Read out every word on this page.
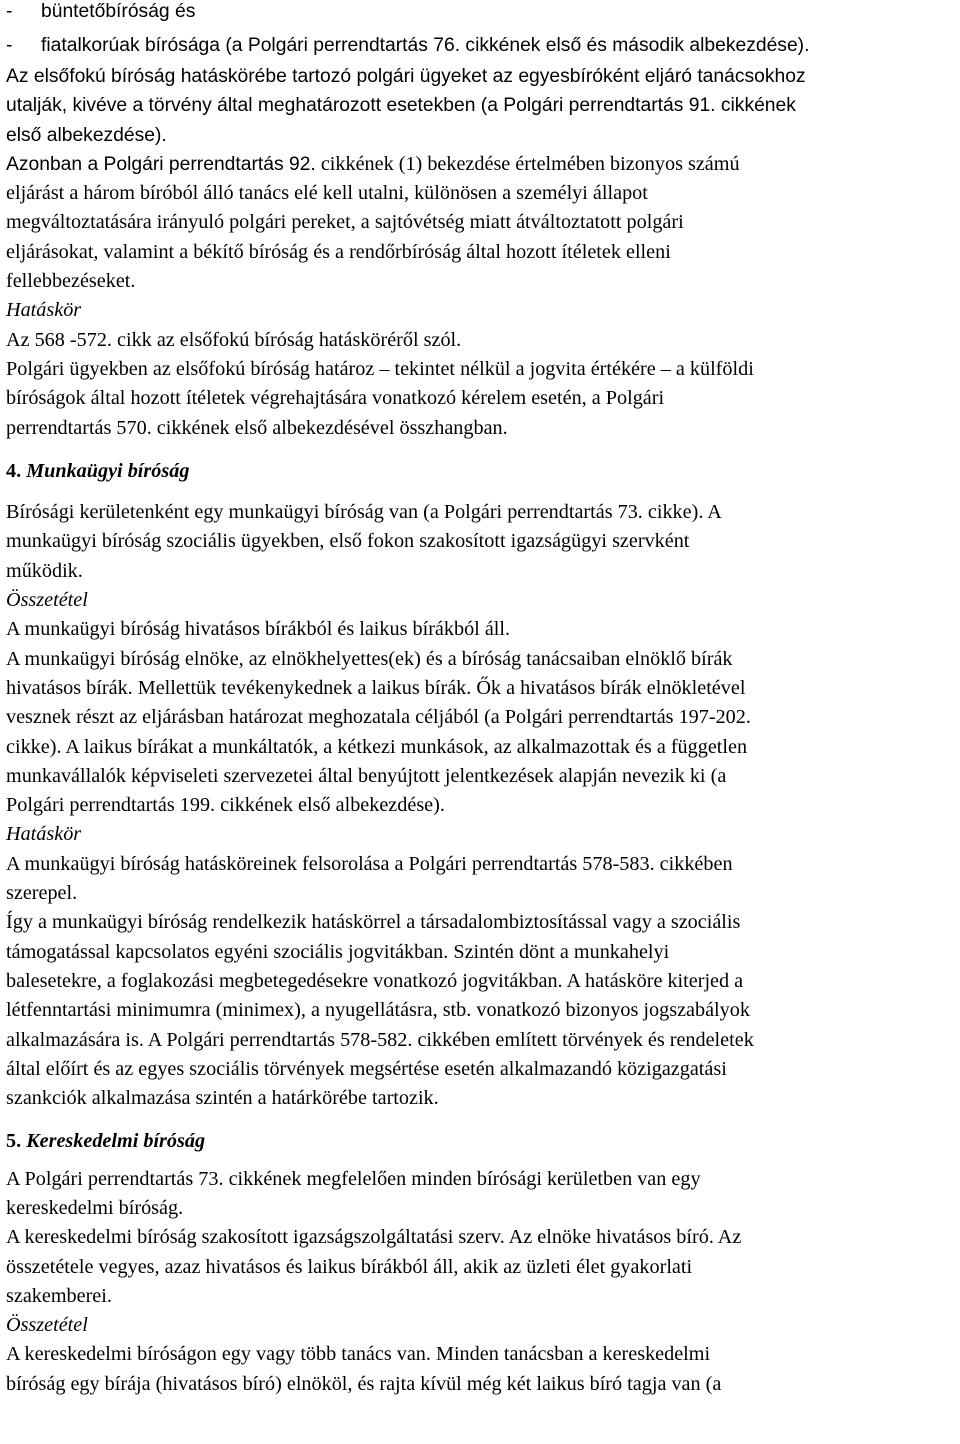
- büntetőbíróság és

- fiatalkorúak bírósága (a Polgári perrendtartás 76. cikkének első és második albekezdése).

Az elsőfokú bíróság hatáskörébe tartozó polgári ügyeket az egyesbíróként eljáró tanácsokhoz

utalják, kivéve a törvény által meghatározott esetekben (a Polgári perrendtartás 91. cikkének

első albekezdése).

Azonban a Polgári perrendtartás 92. cikkének (1) bekezdése értelmében bizonyos számú

eljárást a három bíróból álló tanács elé kell utalni, különösen a személyi állapot

megváltoztatására irányuló polgári pereket, a sajtóvétség miatt átváltoztatott polgári

eljárásokat, valamint a békítő bíróság és a rendőrbíróság által hozott ítéletek elleni

fellebbezéseket.

Hatáskör

Az 568 -572. cikk az elsőfokú bíróság hatásköréről szól.

Polgári ügyekben az elsőfokú bíróság határoz – tekintet nélkül a jogvita értékére – a külföldi

bíróságok által hozott ítéletek végrehajtására vonatkozó kérelem esetén, a Polgári

perrendtartás 570. cikkének első albekezdésével összhangban.

4. Munkaügyi bíróság

Bírósági kerületenként egy munkaügyi bíróság van (a Polgári perrendtartás 73. cikke). A

munkaügyi bíróság szociális ügyekben, első fokon szakosított igazságügyi szervként

működik.

Összetétel

A munkaügyi bíróság hivatásos bírákból és laikus bírákból áll.

A munkaügyi bíróság elnöke, az elnökhelyettes(ek) és a bíróság tanácsaiban elnöklő bírák

hivatásos bírák. Mellettük tevékenykednek a laikus bírák. Ők a hivatásos bírák elnökletével

vesznek részt az eljárásban határozat meghozatala céljából (a Polgári perrendtartás 197-202.

cikke). A laikus bírákat a munkáltatók, a kétkezi munkások, az alkalmazottak és a független

munkavállalók képviseleti szervezetei által benyújtott jelentkezések alapján nevezik ki (a

Polgári perrendtartás 199. cikkének első albekezdése).

Hatáskör

A munkaügyi bíróság hatásköreinek felsorolása a Polgári perrendtartás 578-583. cikkében

szerepel.

Így a munkaügyi bíróság rendelkezik hatáskörrel a társadalombiztosítással vagy a szociális

támogatással kapcsolatos egyéni szociális jogvitákban. Szintén dönt a munkahelyi

balesetekre, a foglakozási megbetegedésekre vonatkozó jogvitákban. A hatásköre kiterjed a

létfenntartási minimumra (minimex), a nyugellátásra, stb. vonatkozó bizonyos jogszabályok

alkalmazására is. A Polgári perrendtartás 578-582. cikkében említett törvények és rendeletek

által előírt és az egyes szociális törvények megsértése esetén alkalmazandó közigazgatási

szankciók alkalmazása szintén a határkörébe tartozik.

5. Kereskedelmi bíróság

A Polgári perrendtartás 73. cikkének megfelelően minden bírósági kerületben van egy

kereskedelmi bíróság.

A kereskedelmi bíróság szakosított igazságszolgáltatási szerv. Az elnöke hivatásos bíró. Az

összetétele vegyes, azaz hivatásos és laikus bírákból áll, akik az üzleti élet gyakorlati

szakemberei.

Összetétel

A kereskedelmi bíróságon egy vagy több tanács van. Minden tanácsban a kereskedelmi

bíróság egy bírája (hivatásos bíró) elnököl, és rajta kívül még két laikus bíró tagja van (a
